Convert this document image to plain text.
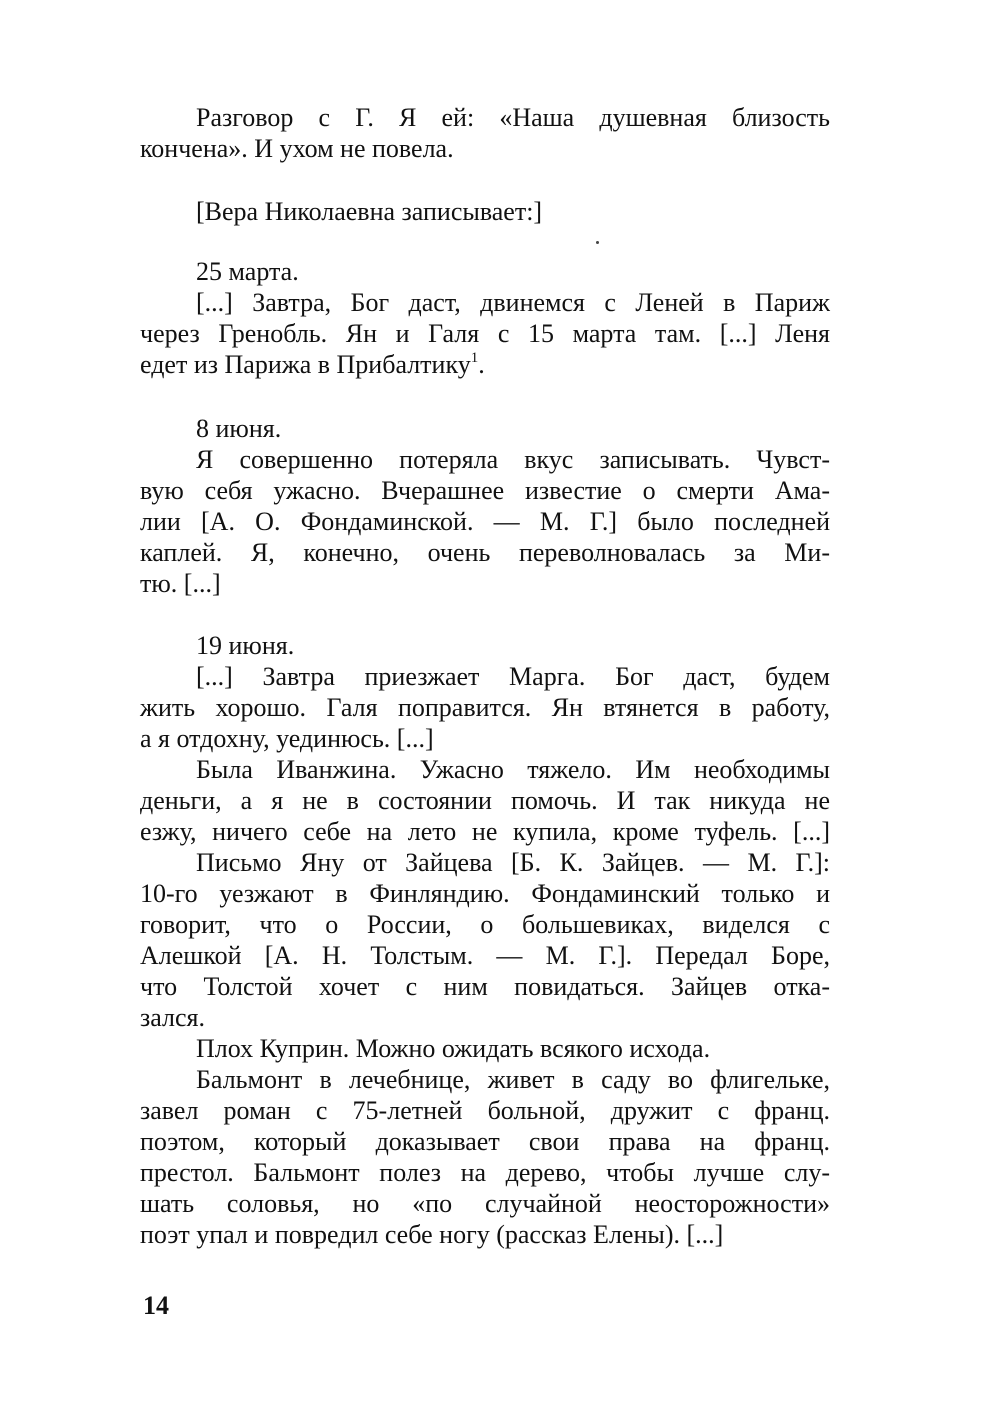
Разговор с Г. Я ей: «Наша душевная близость
кончена». И ухом не повела.
[Вера Николаевна записывает:]
25 марта.
[...] Завтра, Бог даст, двинемся с Леней в Париж
через Гренобль. Ян и Галя с 15 марта там. [...] Леня
едет из Парижа в Прибалтику$^1$.
8 июня.
Я совершенно потеряла вкус записывать. Чувст-
вую себя ужасно. Вчерашнее известие о смерти Ама-
лии [А. О. Фондаминской. — М. Г.] было последней
каплей. Я, конечно, очень переволновалась за Ми-
тю. [...]
19 июня.
[...] Завтра приезжает Марга. Бог даст, будем
жить хорошо. Галя поправится. Ян втянется в работу,
а я отдохну, уединюсь. [...]
Была Иванжина. Ужасно тяжело. Им необходимы
деньги, а я не в состоянии помочь. И так никуда не
езжу, ничего себе на лето не купила, кроме туфель. [...]
Письмо Яну от Зайцева [Б. К. Зайцев. — М. Г.]:
10-го уезжают в Финляндию. Фондаминский только и
говорит, что о России, о большевиках, виделся с
Алешкой [А. Н. Толстым. — М. Г.]. Передал Боре,
что Толстой хочет с ним повидаться. Зайцев отка-
зался.
Плох Куприн. Можно ожидать всякого исхода.
Бальмонт в лечебнице, живет в саду во флигельке,
завел роман с 75-летней больной, дружит с франц.
поэтом, который доказывает свои права на франц.
престол. Бальмонт полез на дерево, чтобы лучше слу-
шать соловья, но «по случайной неосторожности»
поэт упал и повредил себе ногу (рассказ Елены). [...]
14
